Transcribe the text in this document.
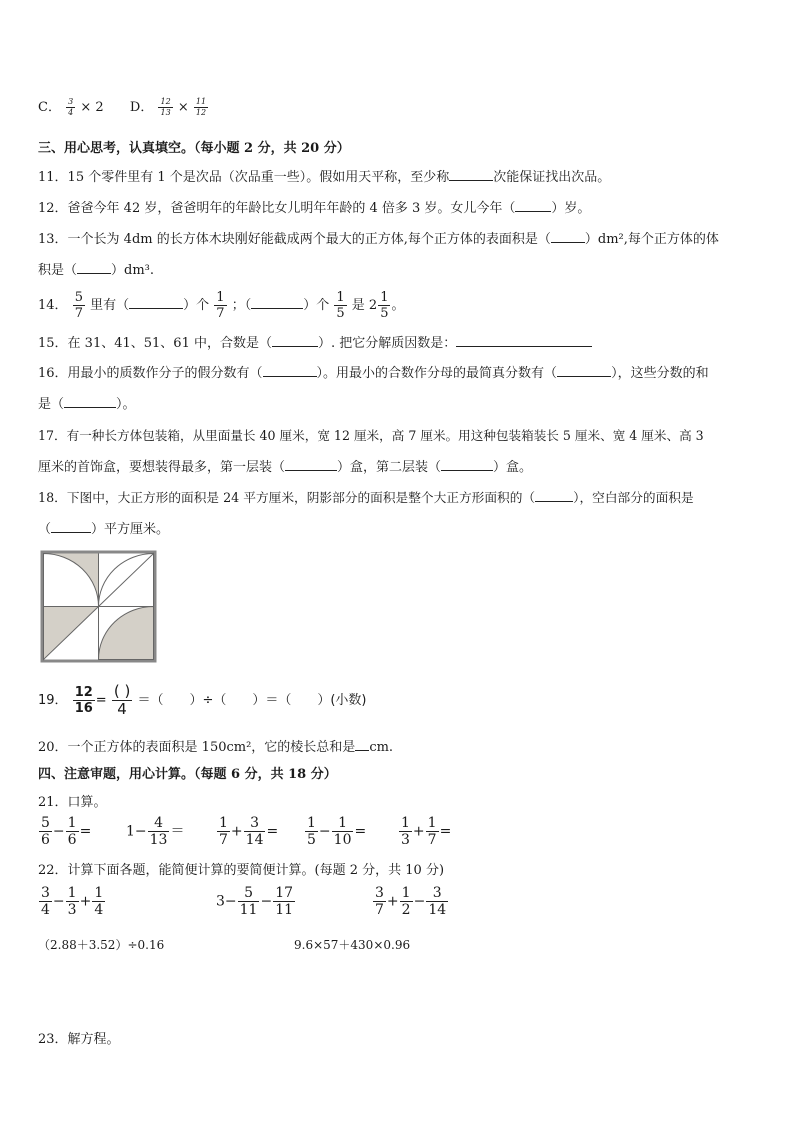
C． $\frac{3}{4} \times 2$ D． $\frac{12}{13} \times \frac{11}{12}$
三、用心思考，认真填空。（每小题 2 分，共 20 分）
11．15 个零件里有 1 个是次品（次品重一些）。假如用天平称，至少称	次能保证找出次品。
12．爸爸今年 42 岁，爸爸明年的年龄比女儿明年年龄的 4 倍多 3 岁。女儿今年（	）岁。
13．一个长为 4dm 的长方体木块刚好能截成两个最大的正方体,每个正方体的表面积是（	）dm²,每个正方体的体
积是（	）dm³.
14． $\frac{5}{7}$ 里有（	）个 $\frac{1}{7}$ ；（	）个 $\frac{1}{5}$ 是 $2 \frac{1}{5}$ 。
15．在 31、41、51、61 中，合数是（	）. 把它分解质因数是：
16．用最小的质数作分子的假分数有（	）。用最小的合数作分母的最简真分数有（	），这些分数的和
是（	）。
17．有一种长方体包装箱，从里面量长 40 厘米，宽 12 厘米，高 7 厘米。用这种包装箱装长 5 厘米、宽 4 厘米、高 3
厘米的首饰盒，要想装得最多，第一层装（	）盒，第二层装（	）盒。
18．下图中，大正方形的面积是 24 平方厘米，阴影部分的面积是整个大正方形面积的（	），空白部分的面积是
（	）平方厘米。
19． $\frac{12}{16}$ =
( )
4 ＝（　　）÷（　　）＝（　　）(小数)
20．一个正方体的表面积是 150cm²，它的棱长总和是 cm.
四、注意审题，用心计算。（每题 6 分，共 18 分）
21．口算。
$\frac{5}{6} - \frac{1}{6} = 1- \frac{4}{13} = \frac{1}{7} + \frac{3}{14} = \frac{1}{5} - \frac{1}{10} = \frac{1}{3} + \frac{1}{7}$ =
22．计算下面各题，能简便计算的要简便计算。(每题 2 分，共 10 分)
$\frac{3}{4} - \frac{1}{3} + \frac{1}{4}$	$3- \frac{5}{11} - \frac{17}{11}$	$\frac{3}{7} + \frac{1}{2} - \frac{3}{14}$
（2.88＋3.52）÷0.16	9.6×57＋430×0.96
23．解方程。
